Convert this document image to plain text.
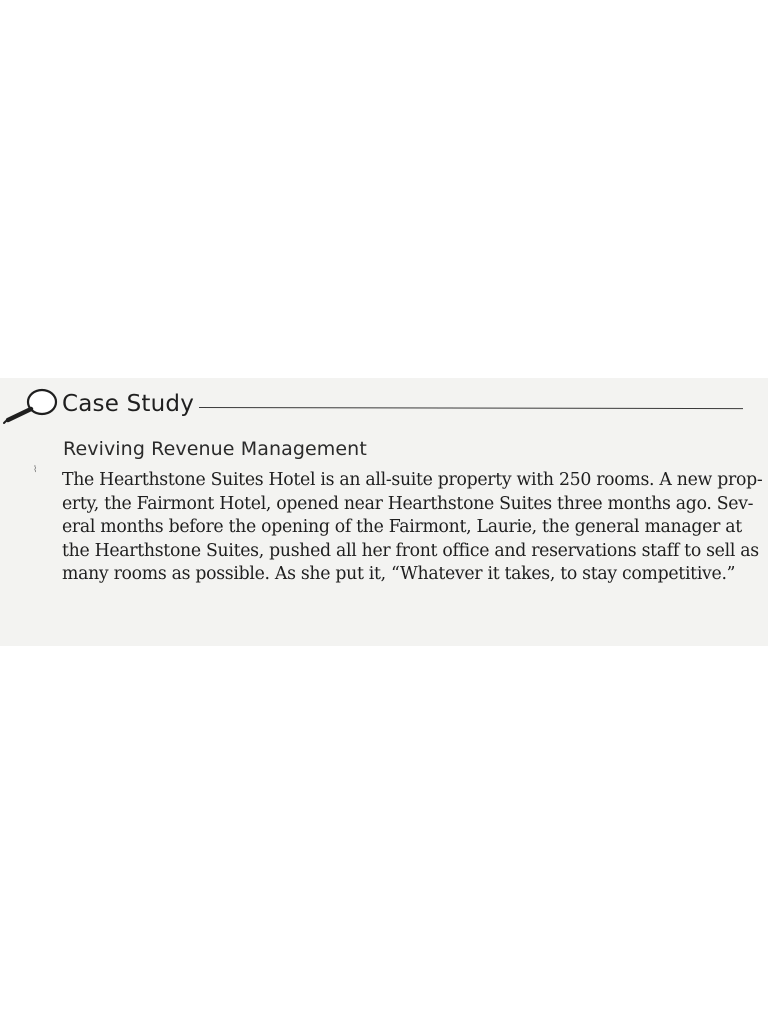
Case Study
⌇
Reviving Revenue Management
The Hearthstone Suites Hotel is an all-suite property with 250 rooms. A new prop-
erty, the Fairmont Hotel, opened near Hearthstone Suites three months ago. Sev-
eral months before the opening of the Fairmont, Laurie, the general manager at
the Hearthstone Suites, pushed all her front office and reservations staff to sell as
many rooms as possible. As she put it, “Whatever it takes, to stay competitive.”
